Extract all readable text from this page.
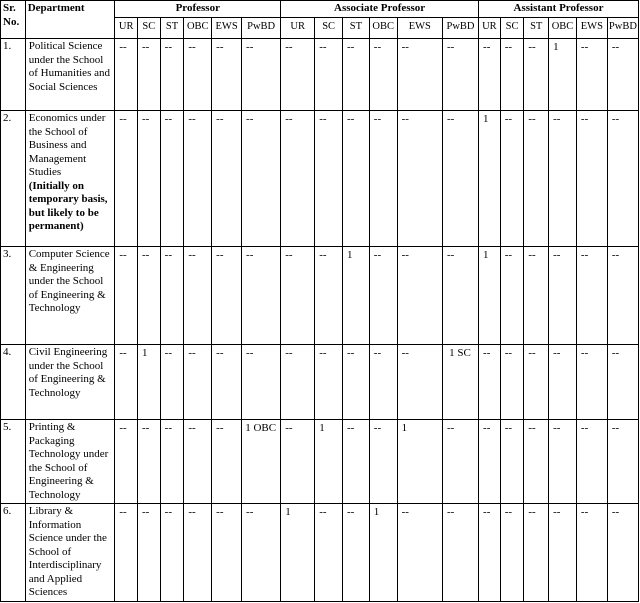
Sr. No.	Department	Professor						Associate Professor						Assistant Professor					
		UR	SC	ST	OBC	EWS	PwBD	UR	SC	ST	OBC	EWS	PwBD	UR	SC	ST	OBC	EWS	PwBD
1.	Political Science under the School of Humanities and Social Sciences	--	--	--	--	--	--	--	--	--	--	--	--	--	--	--	1	--	--
2.	Economics under the School of Business and Management Studies
(Initially on temporary basis, but likely to be permanent)	--	--	--	--	--	--	--	--	--	--	--	--	1	--	--	--	--	--
3.	Computer Science & Engineering under the School of Engineering & Technology	--	--	--	--	--	--	--	--	1	--	--	--	1	--	--	--	--	--
4.	Civil Engineering under the School of Engineering & Technology	--	1	--	--	--	--	--	--	--	--	--	1 SC	--	--	--	--	--	--
5.	Printing & Packaging Technology under the School of Engineering & Technology	--	--	--	--	--	1 OBC	--	1	--	--	1	--	--	--	--	--	--	--
6.	Library & Information Science under the School of Interdisciplinary and Applied Sciences	--	--	--	--	--	--	1	--	--	1	--	--	--	--	--	--	--	--
